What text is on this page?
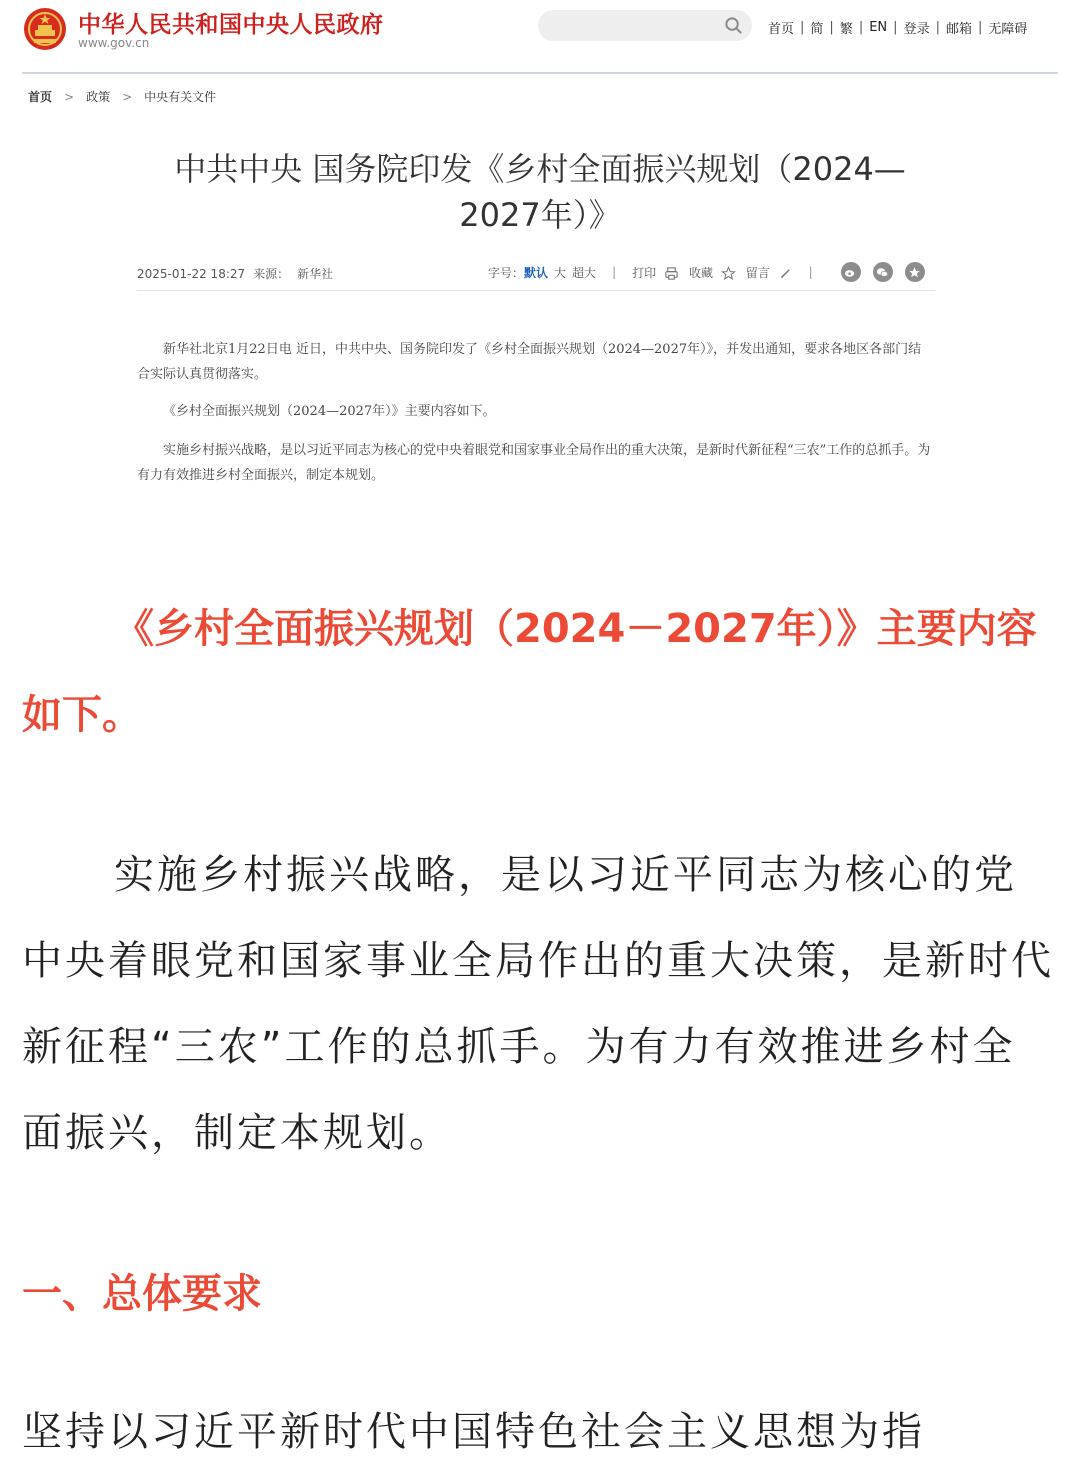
中华人民共和国中央人民政府
www.gov.cn
首页 | 简 | 繁 | EN | 登录 | 邮箱 | 无障碍
首页 > 政策 > 中央有关文件
中共中央 国务院印发《乡村全面振兴规划（2024—2027年）》
2025-01-22 18:27 来源： 新华社	字号： 默认 大 超大 | 打印	收藏	留言	|

新华社北京1月22日电 近日，中共中央、国务院印发了《乡村全面振兴规划（2024—2027年）》，并发出通知，要求各地区各部门结合实际认真贯彻落实。

《乡村全面振兴规划（2024—2027年）》主要内容如下。

实施乡村振兴战略，是以习近平同志为核心的党中央着眼党和国家事业全局作出的重大决策，是新时代新征程“三农”工作的总抓手。为有力有效推进乡村全面振兴，制定本规划。

《乡村全面振兴规划（2024－2027年）》主要内容如下。

实施乡村振兴战略，是以习近平同志为核心的党中央着眼党和国家事业全局作出的重大决策，是新时代新征程“三农”工作的总抓手。为有力有效推进乡村全面振兴，制定本规划。

一、总体要求

坚持以习近平新时代中国特色社会主义思想为指
